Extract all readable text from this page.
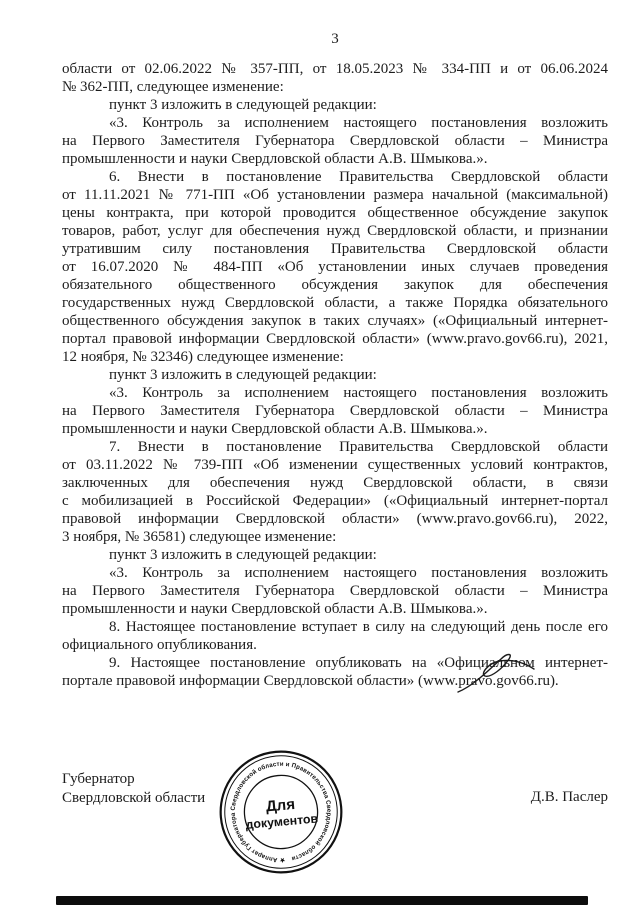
3
области от 02.06.2022 № 357-ПП, от 18.05.2023 № 334-ПП и от 06.06.2024
№ 362-ПП, следующее изменение:
пункт 3 изложить в следующей редакции:
«3. Контроль за исполнением настоящего постановления возложить
на Первого Заместителя Губернатора Свердловской области – Министра
промышленности и науки Свердловской области А.В. Шмыкова.».
6. Внести в постановление Правительства Свердловской области
от 11.11.2021 № 771-ПП «Об установлении размера начальной (максимальной)
цены контракта, при которой проводится общественное обсуждение закупок
товаров, работ, услуг для обеспечения нужд Свердловской области, и признании
утратившим силу постановления Правительства Свердловской области
от 16.07.2020 № 484-ПП «Об установлении иных случаев проведения
обязательного общественного обсуждения закупок для обеспечения
государственных нужд Свердловской области, а также Порядка обязательного
общественного обсуждения закупок в таких случаях» («Официальный интернет-
портал правовой информации Свердловской области» (www.pravo.gov66.ru), 2021,
12 ноября, № 32346) следующее изменение:
пункт 3 изложить в следующей редакции:
«3. Контроль за исполнением настоящего постановления возложить
на Первого Заместителя Губернатора Свердловской области – Министра
промышленности и науки Свердловской области А.В. Шмыкова.».
7. Внести в постановление Правительства Свердловской области
от 03.11.2022 № 739-ПП «Об изменении существенных условий контрактов,
заключенных для обеспечения нужд Свердловской области, в связи
с мобилизацией в Российской Федерации» («Официальный интернет-портал
правовой информации Свердловской области» (www.pravo.gov66.ru), 2022,
3 ноября, № 36581) следующее изменение:
пункт 3 изложить в следующей редакции:
«3. Контроль за исполнением настоящего постановления возложить
на Первого Заместителя Губернатора Свердловской области – Министра
промышленности и науки Свердловской области А.В. Шмыкова.».
8. Настоящее постановление вступает в силу на следующий день после его
официального опубликования.
9. Настоящее постановление опубликовать на «Официальном интернет-
портале правовой информации Свердловской области» (www.pravo.gov66.ru).
Губернатор
Свердловской области	Д.В. Паслер
★ Аппарат Губернатора Свердловской области и Правительства Свердловской области
Для
документов
